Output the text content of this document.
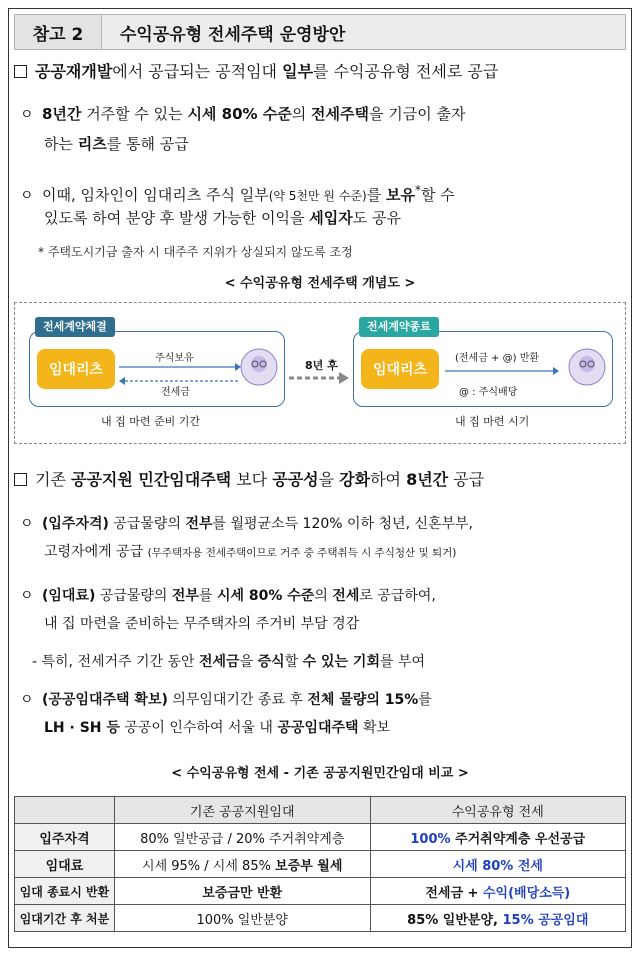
참고 2	수익공유형 전세주택 운영방안
공공재개발에서 공급되는 공적임대 일부를 수익공유형 전세로 공급
ㅇ 8년간 거주할 수 있는 시세 80% 수준의 전세주택을 기금이 출자
하는 리츠를 통해 공급
ㅇ 이때, 임차인이 임대리츠 주식 일부(약 5천만 원 수준)를 보유*할 수
있도록 하여 분양 후 발생 가능한 이익을 세입자도 공유
* 주택도시기금 출자 시 대주주 지위가 상실되지 않도록 조정
< 수익공유형 전세주택 개념도 >
전세계약체결
임대리츠
주식보유
전세금
내 집 마련 준비 기간
8년 후
전세계약종료
임대리츠
(전세금 + @) 반환
@ : 주식배당
내 집 마련 시기
기존 공공지원 민간임대주택 보다 공공성을 강화하여 8년간 공급
ㅇ (입주자격) 공급물량의 전부를 월평균소득 120% 이하 청년, 신혼부부,
고령자에게 공급 (무주택자용 전세주택이므로 거주 중 주택취득 시 주식청산 및 퇴거)
ㅇ (임대료) 공급물량의 전부를 시세 80% 수준의 전세로 공급하여,
내 집 마련을 준비하는 무주택자의 주거비 부담 경감
- 특히, 전세거주 기간 동안 전세금을 증식할 수 있는 기회를 부여
ㅇ (공공임대주택 확보) 의무임대기간 종료 후 전체 물량의 15%를
LH · SH 등 공공이 인수하여 서울 내 공공임대주택 확보
< 수익공유형 전세 - 기존 공공지원민간임대 비교 >
	기존 공공지원임대	수익공유형 전세
입주자격	80% 일반공급 / 20% 주거취약계층	100% 주거취약계층 우선공급
임대료	시세 95% / 시세 85% 보증부 월세	시세 80% 전세
임대 종료시 반환	보증금만 반환	전세금 + 수익(배당소득)
임대기간 후 처분	100% 일반분양	85% 일반분양, 15% 공공임대
